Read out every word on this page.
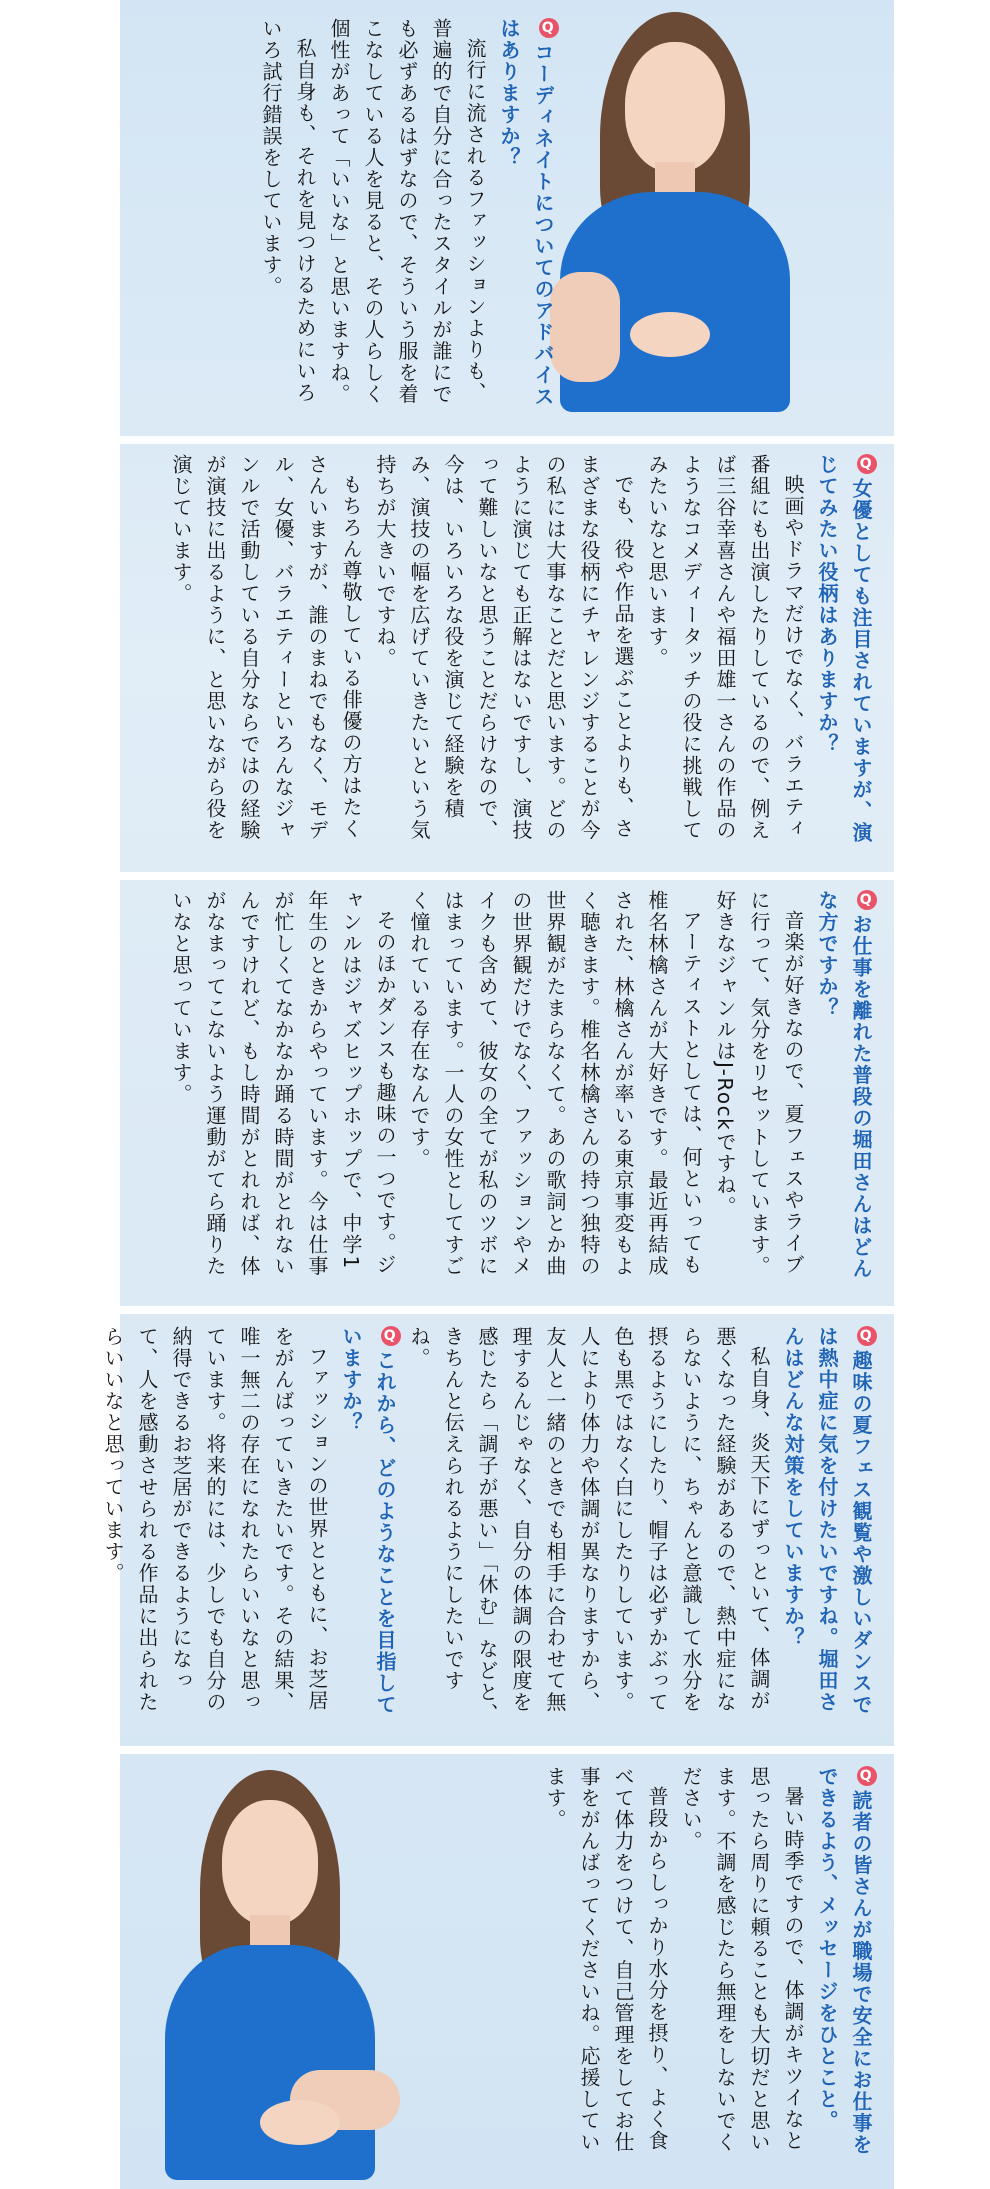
Qコーディネイトについてのアドバイスはありますか？

流行に流されるファッションよりも、普遍的で自分に合ったスタイルが誰にでも必ずあるはずなので、そういう服を着こなしている人を見ると、その人らしく個性があって「いいな」と思いますね。

私自身も、それを見つけるためにいろいろ試行錯誤をしています。

Q女優としても注目されていますが、演じてみたい役柄はありますか？

映画やドラマだけでなく、バラエティ番組にも出演したりしているので、例えば三谷幸喜さんや福田雄一さんの作品のようなコメディータッチの役に挑戦してみたいなと思います。

でも、役や作品を選ぶことよりも、さまざまな役柄にチャレンジすることが今の私には大事なことだと思います。どのように演じても正解はないですし、演技って難しいなと思うことだらけなので、今は、いろいろな役を演じて経験を積み、演技の幅を広げていきたいという気持ちが大きいですね。

もちろん尊敬している俳優の方はたくさんいますが、誰のまねでもなく、モデル、女優、バラエティーといろんなジャンルで活動している自分ならではの経験が演技に出るように、と思いながら役を演じています。

Qお仕事を離れた普段の堀田さんはどんな方ですか？

音楽が好きなので、夏フェスやライブに行って、気分をリセットしています。好きなジャンルはJ-Rockですね。

アーティストとしては、何といっても椎名林檎さんが大好きです。最近再結成された、林檎さんが率いる東京事変もよく聴きます。椎名林檎さんの持つ独特の世界観がたまらなくて。あの歌詞とか曲の世界観だけでなく、ファッションやメイクも含めて、彼女の全てが私のツボにはまっています。一人の女性としてすごく憧れている存在なんです。

そのほかダンスも趣味の一つです。ジャンルはジャズヒップホップで、中学1年生のときからやっています。今は仕事が忙しくてなかなか踊る時間がとれないんですけれど、もし時間がとれれば、体がなまってこないよう運動がてら踊りたいなと思っています。

Q趣味の夏フェス観覧や激しいダンスでは熱中症に気を付けたいですね。堀田さんはどんな対策をしていますか？

私自身、炎天下にずっといて、体調が悪くなった経験があるので、熱中症にならないように、ちゃんと意識して水分を摂るようにしたり、帽子は必ずかぶって色も黒ではなく白にしたりしています。人により体力や体調が異なりますから、友人と一緒のときでも相手に合わせて無理するんじゃなく、自分の体調の限度を感じたら「調子が悪い」「休む」などと、きちんと伝えられるようにしたいですね。

Qこれから、どのようなことを目指していますか？

ファッションの世界とともに、お芝居をがんばっていきたいです。その結果、唯一無二の存在になれたらいいなと思っています。将来的には、少しでも自分の納得できるお芝居ができるようになって、人を感動させられる作品に出られたらいいなと思っています。

Q読者の皆さんが職場で安全にお仕事をできるよう、メッセージをひとこと。

暑い時季ですので、体調がキツイなと思ったら周りに頼ることも大切だと思います。不調を感じたら無理をしないでください。

普段からしっかり水分を摂り、よく食べて体力をつけて、自己管理をしてお仕事をがんばってくださいね。応援しています。
